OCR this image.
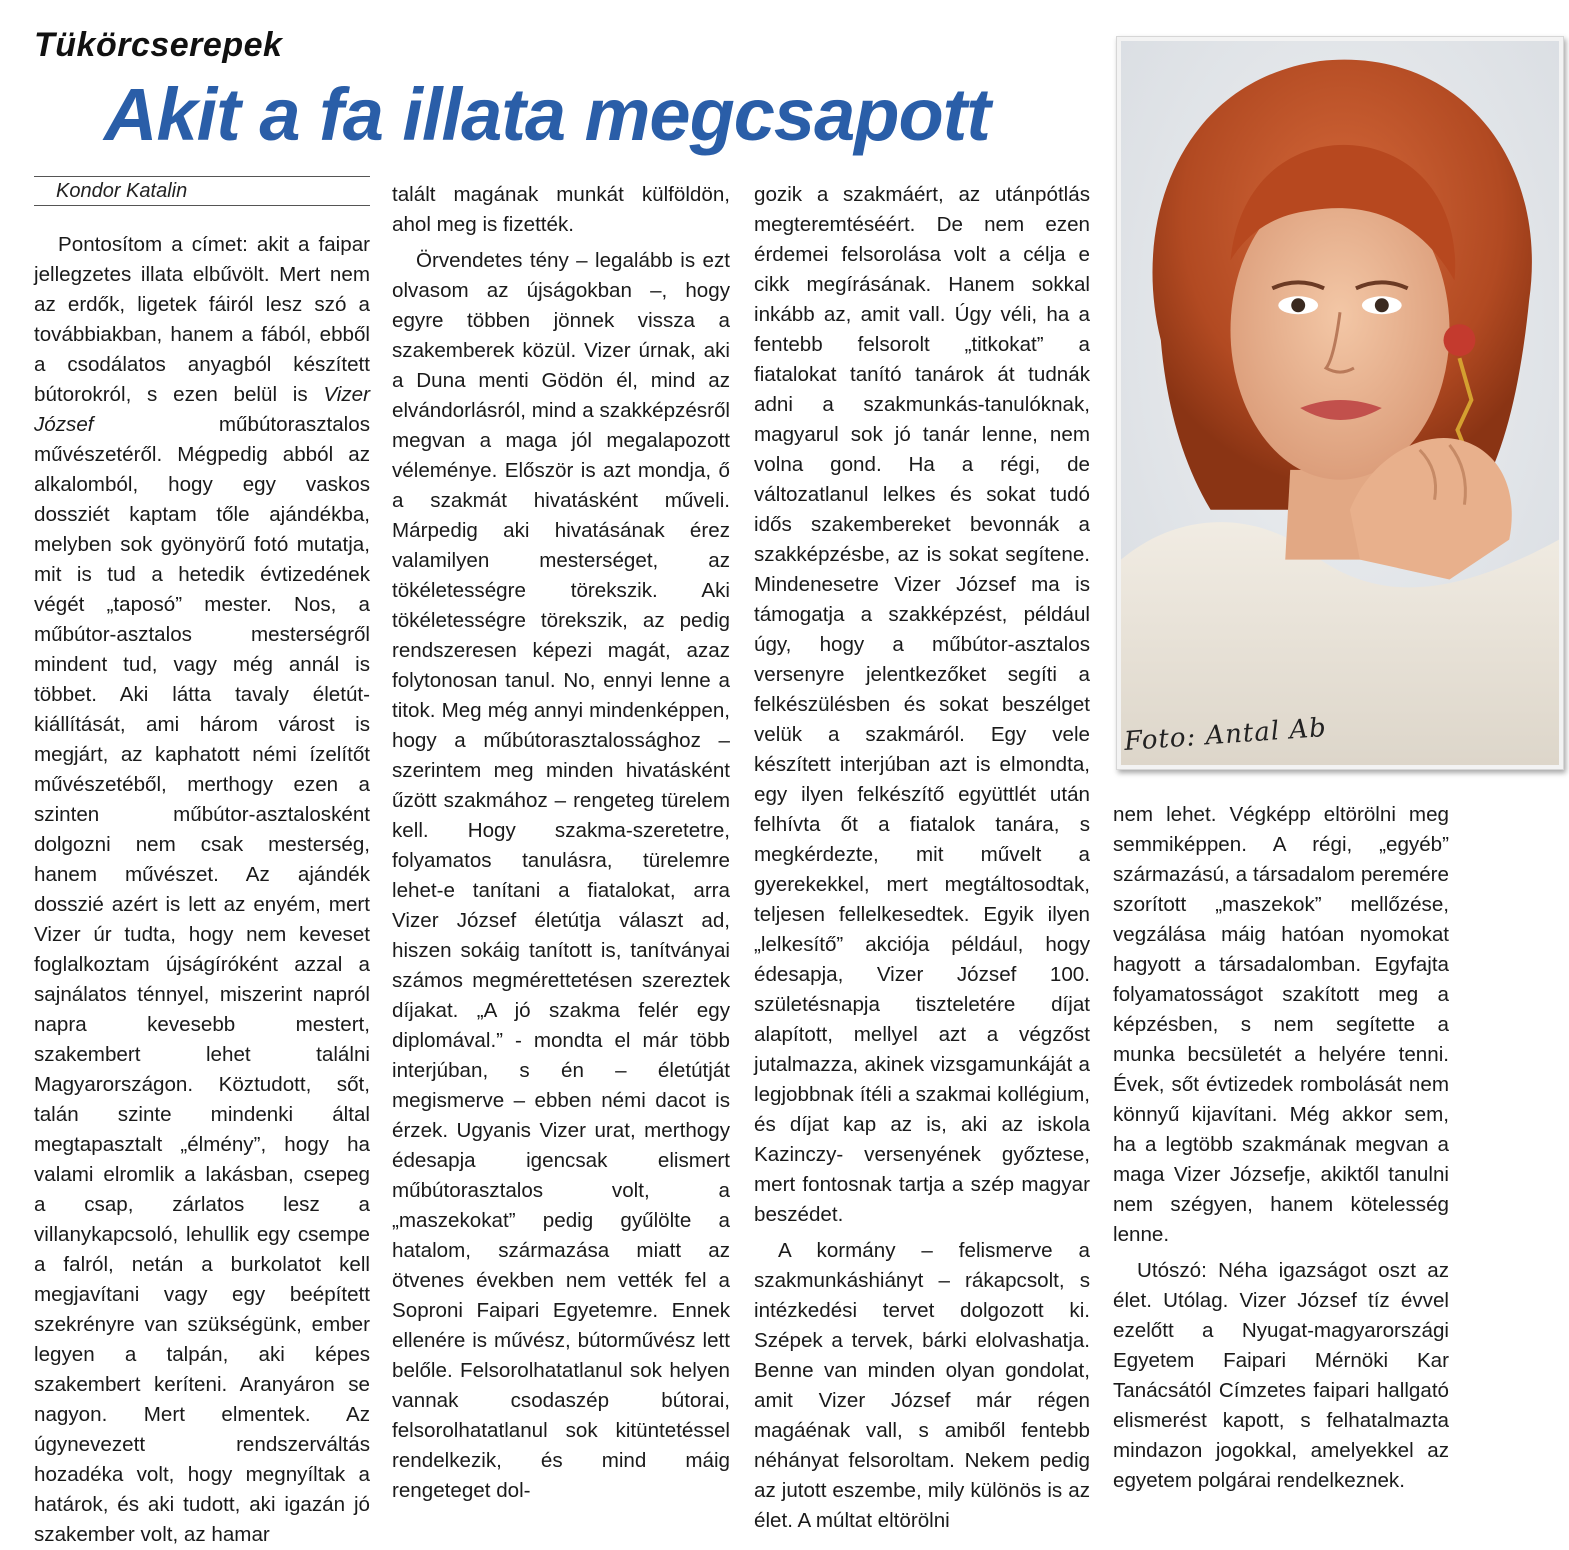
Tükörcserepek
Akit a fa illata megcsapott
Kondor Katalin

Pontosítom a címet: akit a faipar jellegzetes illata elbűvölt. Mert nem az erdők, ligetek fáiról lesz szó a továbbiakban, hanem a fából, ebből a csodálatos anyagból készített bútorokról, s ezen belül is Vizer József műbútorasztalos művészetéről. Mégpedig abból az alkalomból, hogy egy vaskos dossziét kaptam tőle ajándékba, melyben sok gyönyörű fotó mutatja, mit is tud a hetedik évtizedének végét „taposó” mester. Nos, a műbútor-asztalos mesterségről mindent tud, vagy még annál is többet. Aki látta tavaly életút-kiállítását, ami három várost is megjárt, az kaphatott némi ízelítőt művészetéből, merthogy ezen a szinten műbútor-asztalosként dolgozni nem csak mesterség, hanem művészet. Az ajándék dosszié azért is lett az enyém, mert Vizer úr tudta, hogy nem keveset foglalkoztam újságíróként azzal a sajnálatos ténnyel, miszerint napról napra kevesebb mestert, szakembert lehet találni Magyarországon. Köztudott, sőt, talán szinte mindenki által megtapasztalt „élmény”, hogy ha valami elromlik a lakásban, csepeg a csap, zárlatos lesz a villanykapcsoló, lehullik egy csempe a falról, netán a burkolatot kell megjavítani vagy egy beépített szekrényre van szükségünk, ember legyen a talpán, aki képes szakembert keríteni. Aranyáron se nagyon. Mert elmentek. Az úgynevezett rendszerváltás hozadéka volt, hogy megnyíltak a határok, és aki tudott, aki igazán jó szakember volt, az hamar

talált magának munkát külföldön, ahol meg is fizették.

Örvendetes tény – legalább is ezt olvasom az újságokban –, hogy egyre többen jönnek vissza a szakemberek közül. Vizer úrnak, aki a Duna menti Gödön él, mind az elvándorlásról, mind a szakképzésről megvan a maga jól megalapozott véleménye. Először is azt mondja, ő a szakmát hivatásként műveli. Márpedig aki hivatásának érez valamilyen mesterséget, az tökéletességre törekszik. Aki tökéletességre törekszik, az pedig rendszeresen képezi magát, azaz folytonosan tanul. No, ennyi lenne a titok. Meg még annyi mindenképpen, hogy a műbútorasztalossághoz – szerintem meg minden hivatásként űzött szakmához – rengeteg türelem kell. Hogy szakma-szeretetre, folyamatos tanulásra, türelemre lehet-e tanítani a fiatalokat, arra Vizer József életútja választ ad, hiszen sokáig tanított is, tanítványai számos megmérettetésen szereztek díjakat. „A jó szakma felér egy diplomával.” - mondta el már több interjúban, s én – életútját megismerve – ebben némi dacot is érzek. Ugyanis Vizer urat, merthogy édesapja igencsak elismert műbútorasztalos volt, a „maszekokat” pedig gyűlölte a hatalom, származása miatt az ötvenes években nem vették fel a Soproni Faipari Egyetemre. Ennek ellenére is művész, bútorművész lett belőle. Felsorolhatatlanul sok helyen vannak csodaszép bútorai, felsorolhatatlanul sok kitüntetéssel rendelkezik, és mind máig rengeteget dol-

gozik a szakmáért, az utánpótlás megteremtéséért. De nem ezen érdemei felsorolása volt a célja e cikk megírásának. Hanem sokkal inkább az, amit vall. Úgy véli, ha a fentebb felsorolt „titkokat” a fiatalokat tanító tanárok át tudnák adni a szakmunkás-tanulóknak, magyarul sok jó tanár lenne, nem volna gond. Ha a régi, de változatlanul lelkes és sokat tudó idős szakembereket bevonnák a szakképzésbe, az is sokat segítene. Mindenesetre Vizer József ma is támogatja a szakképzést, például úgy, hogy a műbútor-asztalos versenyre jelentkezőket segíti a felkészülésben és sokat beszélget velük a szakmáról. Egy vele készített interjúban azt is elmondta, egy ilyen felkészítő együttlét után felhívta őt a fiatalok tanára, s megkérdezte, mit művelt a gyerekekkel, mert megtáltosodtak, teljesen fellelkesedtek. Egyik ilyen „lelkesítő” akciója például, hogy édesapja, Vizer József 100. születésnapja tiszteletére díjat alapított, mellyel azt a végzőst jutalmazza, akinek vizsgamunkáját a legjobbnak ítéli a szakmai kollégium, és díjat kap az is, aki az iskola Kazinczy- versenyének győztese, mert fontosnak tartja a szép magyar beszédet.

A kormány – felismerve a szakmunkáshiányt – rákapcsolt, s intézkedési tervet dolgozott ki. Szépek a tervek, bárki elolvashatja. Benne van minden olyan gondolat, amit Vizer József már régen magáénak vall, s amiből fentebb néhányat felsoroltam. Nekem pedig az jutott eszembe, mily különös is az élet. A múltat eltörölni

nem lehet. Végképp eltörölni meg semmiképpen. A régi, „egyéb” származású, a társadalom peremére szorított „maszekok” mellőzése, vegzálása máig hatóan nyomokat hagyott a társadalomban. Egyfajta folyamatosságot szakított meg a képzésben, s nem segítette a munka becsületét a helyére tenni. Évek, sőt évtizedek rombolását nem könnyű kijavítani. Még akkor sem, ha a legtöbb szakmának megvan a maga Vizer Józsefje, akiktől tanulni nem szégyen, hanem kötelesség lenne.

Utószó: Néha igazságot oszt az élet. Utólag. Vizer József tíz évvel ezelőtt a Nyugat-magyarországi Egyetem Faipari Mérnöki Kar Tanácsától Címzetes faipari hallgató elismerést kapott, s felhatalmazta mindazon jogokkal, amelyekkel az egyetem polgárai rendelkeznek.

Foto: Antal Ab
